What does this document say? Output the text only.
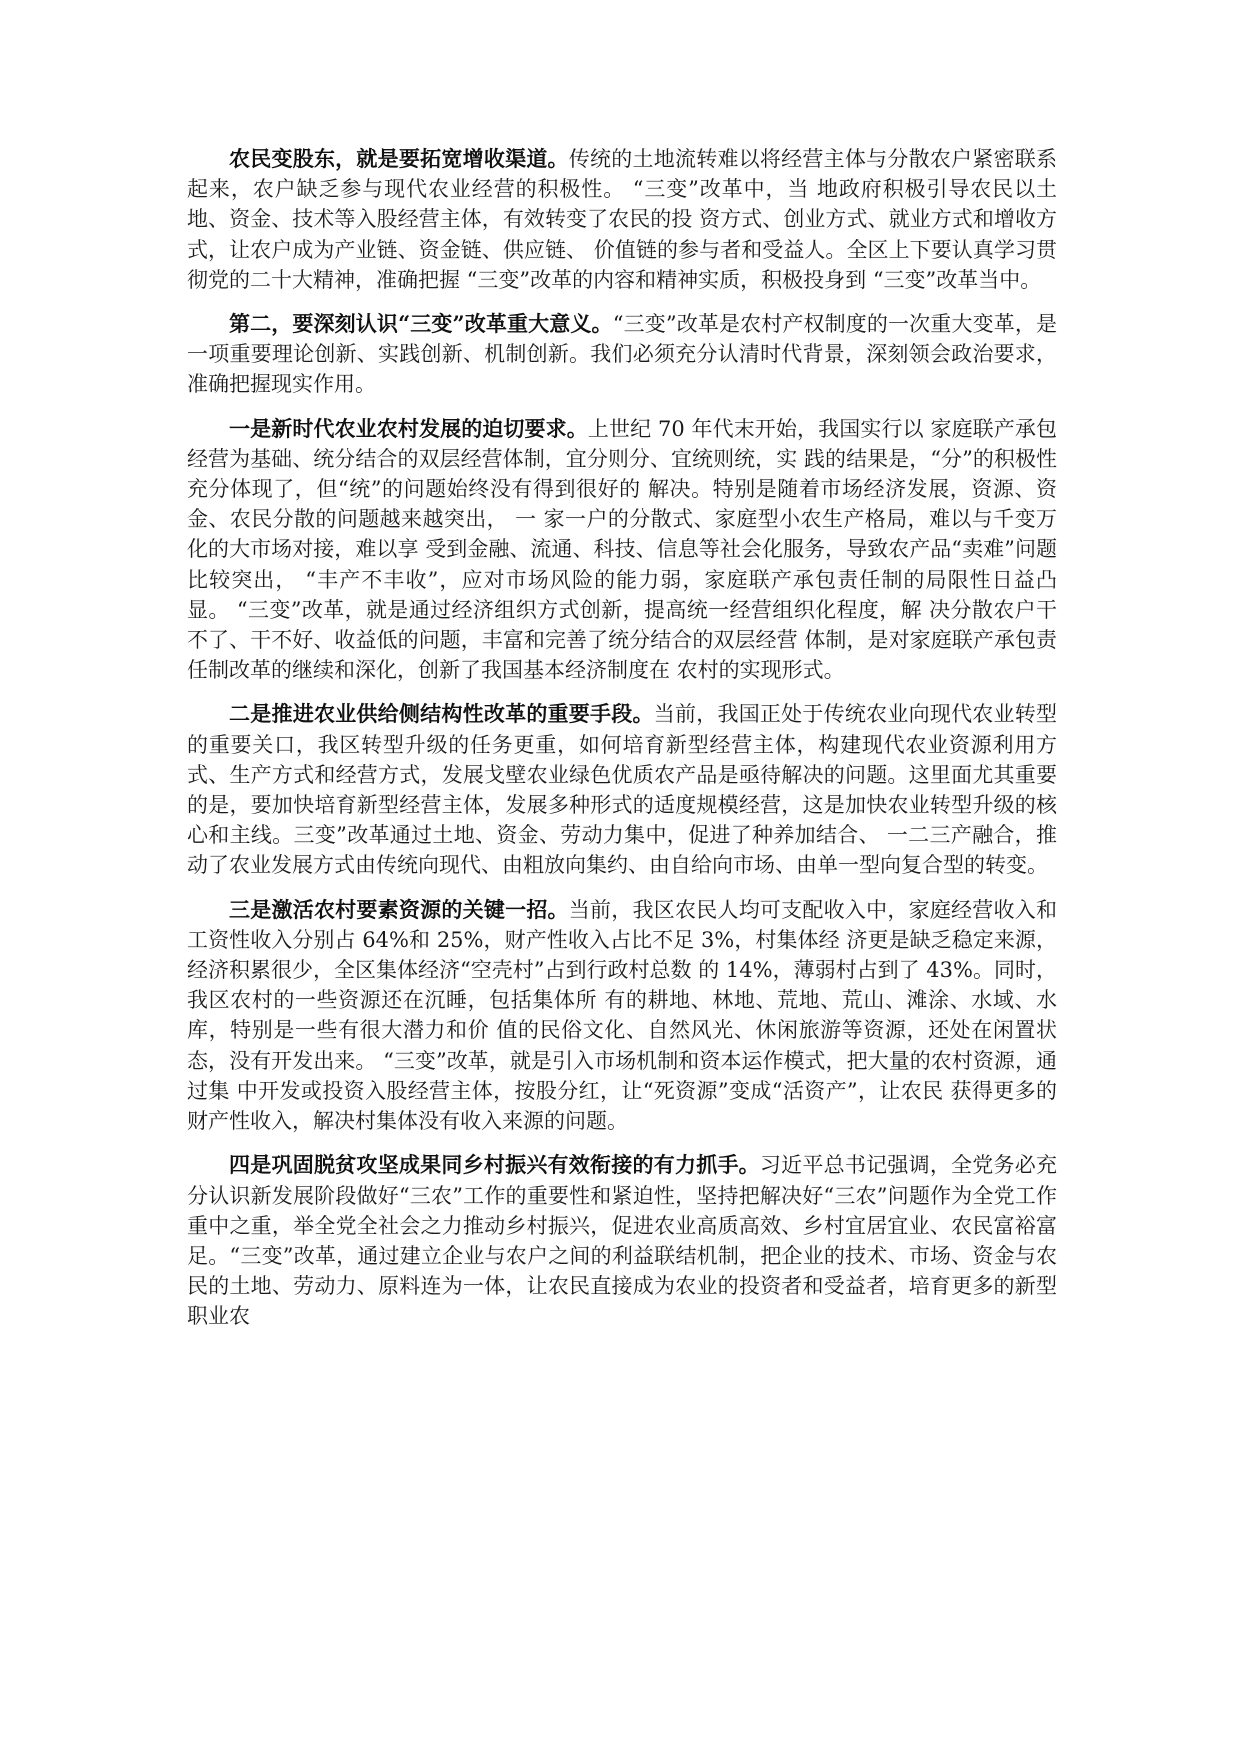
农民变股东，就是要拓宽增收渠道。传统的土地流转难以将经营主体与分散农户紧密联系起来，农户缺乏参与现代农业经营的积极性。 “三变”改革中，当 地政府积极引导农民以土地、资金、技术等入股经营主体，有效转变了农民的投 资方式、创业方式、就业方式和增收方式，让农户成为产业链、资金链、供应链、 价值链的参与者和受益人。全区上下要认真学习贯彻党的二十大精神，准确把握 “三变”改革的内容和精神实质，积极投身到 “三变”改革当中。

第二，要深刻认识“三变”改革重大意义。“三变”改革是农村产权制度的一次重大变革，是一项重要理论创新、实践创新、机制创新。我们必须充分认清时代背景，深刻领会政治要求，准确把握现实作用。

一是新时代农业农村发展的迫切要求。上世纪 70 年代末开始，我国实行以 家庭联产承包经营为基础、统分结合的双层经营体制，宜分则分、宜统则统，实 践的结果是，“分”的积极性充分体现了，但“统”的问题始终没有得到很好的 解决。特别是随着市场经济发展，资源、资金、农民分散的问题越来越突出， 一 家一户的分散式、家庭型小农生产格局，难以与千变万化的大市场对接，难以享 受到金融、流通、科技、信息等社会化服务，导致农产品“卖难”问题比较突出， “丰产不丰收”，应对市场风险的能力弱，家庭联产承包责任制的局限性日益凸 显。 “三变”改革，就是通过经济组织方式创新，提高统一经营组织化程度，解 决分散农户干不了、干不好、收益低的问题，丰富和完善了统分结合的双层经营 体制，是对家庭联产承包责任制改革的继续和深化，创新了我国基本经济制度在 农村的实现形式。

二是推进农业供给侧结构性改革的重要手段。当前，我国正处于传统农业向现代农业转型的重要关口，我区转型升级的任务更重，如何培育新型经营主体，构建现代农业资源利用方式、生产方式和经营方式，发展戈壁农业绿色优质农产品是亟待解决的问题。这里面尤其重要的是，要加快培育新型经营主体，发展多种形式的适度规模经营，这是加快农业转型升级的核心和主线。三变”改革通过土地、资金、劳动力集中，促进了种养加结合、 一二三产融合，推动了农业发展方式由传统向现代、由粗放向集约、由自给向市场、由单一型向复合型的转变。

三是激活农村要素资源的关键一招。当前，我区农民人均可支配收入中，家庭经营收入和工资性收入分别占 64%和 25%，财产性收入占比不足 3%，村集体经 济更是缺乏稳定来源，经济积累很少，全区集体经济“空壳村”占到行政村总数 的 14%，薄弱村占到了 43%。同时，我区农村的一些资源还在沉睡，包括集体所 有的耕地、林地、荒地、荒山、滩涂、水域、水库，特别是一些有很大潜力和价 值的民俗文化、自然风光、休闲旅游等资源，还处在闲置状态，没有开发出来。 “三变”改革，就是引入市场机制和资本运作模式，把大量的农村资源，通过集 中开发或投资入股经营主体，按股分红，让“死资源”变成“活资产”，让农民 获得更多的财产性收入，解决村集体没有收入来源的问题。

四是巩固脱贫攻坚成果同乡村振兴有效衔接的有力抓手。习近平总书记强调，全党务必充分认识新发展阶段做好“三农”工作的重要性和紧迫性，坚持把解决好“三农”问题作为全党工作重中之重，举全党全社会之力推动乡村振兴，促进农业高质高效、乡村宜居宜业、农民富裕富足。“三变”改革，通过建立企业与农户之间的利益联结机制，把企业的技术、市场、资金与农民的土地、劳动力、原料连为一体，让农民直接成为农业的投资者和受益者，培育更多的新型职业农
